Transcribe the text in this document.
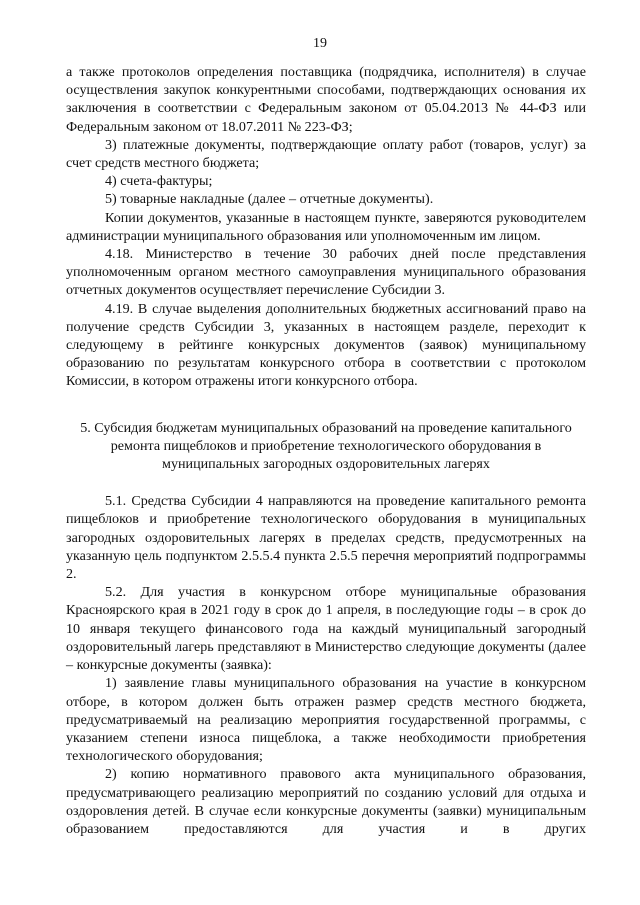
19

а также протоколов определения поставщика (подрядчика, исполнителя) в случае осуществления закупок конкурентными способами, подтверждающих основания их заключения в соответствии с Федеральным законом от 05.04.2013 № 44-ФЗ или Федеральным законом от 18.07.2011 № 223-ФЗ;

3) платежные документы, подтверждающие оплату работ (товаров, услуг) за счет средств местного бюджета;

4) счета-фактуры;

5) товарные накладные (далее – отчетные документы).

Копии документов, указанные в настоящем пункте, заверяются руководителем администрации муниципального образования или уполномоченным им лицом.

4.18. Министерство в течение 30 рабочих дней после представления уполномоченным органом местного самоуправления муниципального образования отчетных документов осуществляет перечисление Субсидии 3.

4.19. В случае выделения дополнительных бюджетных ассигнований право на получение средств Субсидии 3, указанных в настоящем разделе, переходит к следующему в рейтинге конкурсных документов (заявок) муниципальному образованию по результатам конкурсного отбора в соответствии с протоколом Комиссии, в котором отражены итоги конкурсного отбора.

5. Субсидия бюджетам муниципальных образований на проведение капитального ремонта пищеблоков и приобретение технологического оборудования в муниципальных загородных оздоровительных лагерях

5.1. Средства Субсидии 4 направляются на проведение капитального ремонта пищеблоков и приобретение технологического оборудования в муниципальных загородных оздоровительных лагерях в пределах средств, предусмотренных на указанную цель подпунктом 2.5.5.4 пункта 2.5.5 перечня мероприятий подпрограммы 2.

5.2. Для участия в конкурсном отборе муниципальные образования Красноярского края в 2021 году в срок до 1 апреля, в последующие годы – в срок до 10 января текущего финансового года на каждый муниципальный загородный оздоровительный лагерь представляют в Министерство следующие документы (далее – конкурсные документы (заявка):

1) заявление главы муниципального образования на участие в конкурсном отборе, в котором должен быть отражен размер средств местного бюджета, предусматриваемый на реализацию мероприятия государственной программы, с указанием степени износа пищеблока, а также необходимости приобретения технологического оборудования;

2) копию нормативного правового акта муниципального образования, предусматривающего реализацию мероприятий по созданию условий для отдыха и оздоровления детей. В случае если конкурсные документы (заявки) муниципальным образованием предоставляются для участия и в других
